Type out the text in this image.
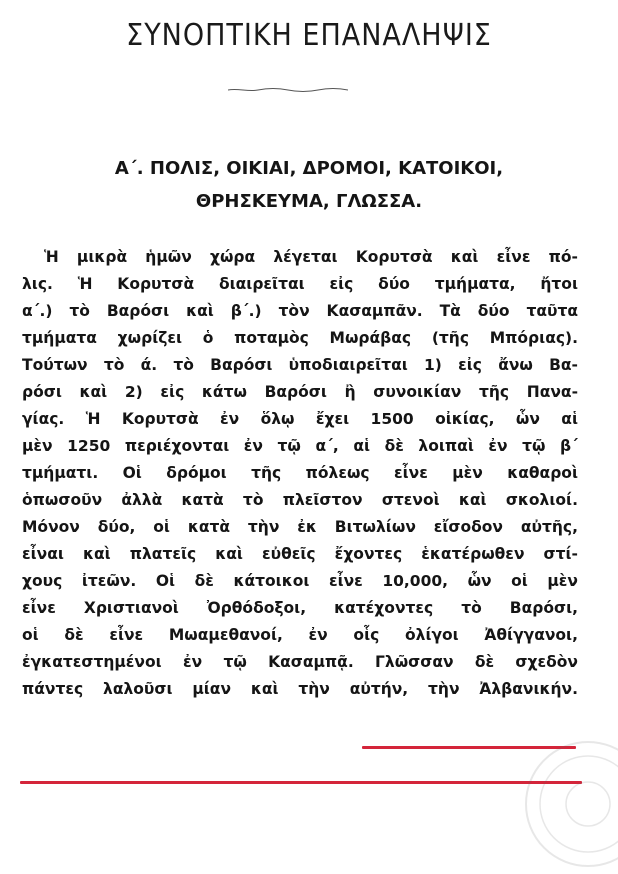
ΣΥΝΟΠΤΙΚΗ ΕΠΑΝΑΛΗΨΙΣ
Α΄. ΠΟΛΙΣ, ΟΙΚΙΑΙ, ΔΡΟΜΟΙ, ΚΑΤΟΙΚΟΙ,
ΘΡΗΣΚΕΥΜΑ, ΓΛΩΣΣΑ.
Ἡ μικρὰ ἡμῶν χώρα λέγεται Κορυτσὰ καὶ εἶνε πό-
λις. Ἡ Κορυτσὰ διαιρεῖται εἰς δύο τμήματα, ἤτοι
α΄.) τὸ Βαρόσι καὶ β΄.) τὸν Κασαμπᾶν. Τὰ δύο ταῦτα
τμήματα χωρίζει ὁ ποταμὸς Μωράβας (τῆς Μπόριας).
Τούτων τὸ ά. τὸ Βαρόσι ὑποδιαιρεῖται 1) εἰς ἄνω Βα-
ρόσι καὶ 2) εἰς κάτω Βαρόσι ἢ συνοικίαν τῆς Πανα-
γίας. Ἡ Κορυτσὰ ἐν ὅλῳ ἔχει 1500 οἰκίας, ὧν αἱ
μὲν 1250 περιέχονται ἐν τῷ α΄, αἱ δὲ λοιπαὶ ἐν τῷ β΄
τμήματι. Οἱ δρόμοι τῆς πόλεως εἶνε μὲν καθαροὶ
ὁπωσοῦν ἀλλὰ κατὰ τὸ πλεῖστον στενοὶ καὶ σκολιοί.
Μόνον δύο, οἱ κατὰ τὴν ἐκ Βιτωλίων εἴσοδον αὐτῆς,
εἶναι καὶ πλατεῖς καὶ εὐθεῖς ἔχοντες ἑκατέρωθεν στί-
χους ἰτεῶν. Οἱ δὲ κάτοικοι εἶνε 10,000, ὧν οἱ μὲν
εἶνε Χριστιανοὶ Ὀρθόδοξοι, κατέχοντες τὸ Βαρόσι,
οἱ δὲ εἶνε Μωαμεθανοί, ἐν οἷς ὀλίγοι Ἀθίγγανοι,
ἐγκατεστημένοι ἐν τῷ Κασαμπᾷ. Γλῶσσαν δὲ σχεδὸν
πάντες λαλοῦσι μίαν καὶ τὴν αὐτήν, τὴν Ἀλβανικήν.
